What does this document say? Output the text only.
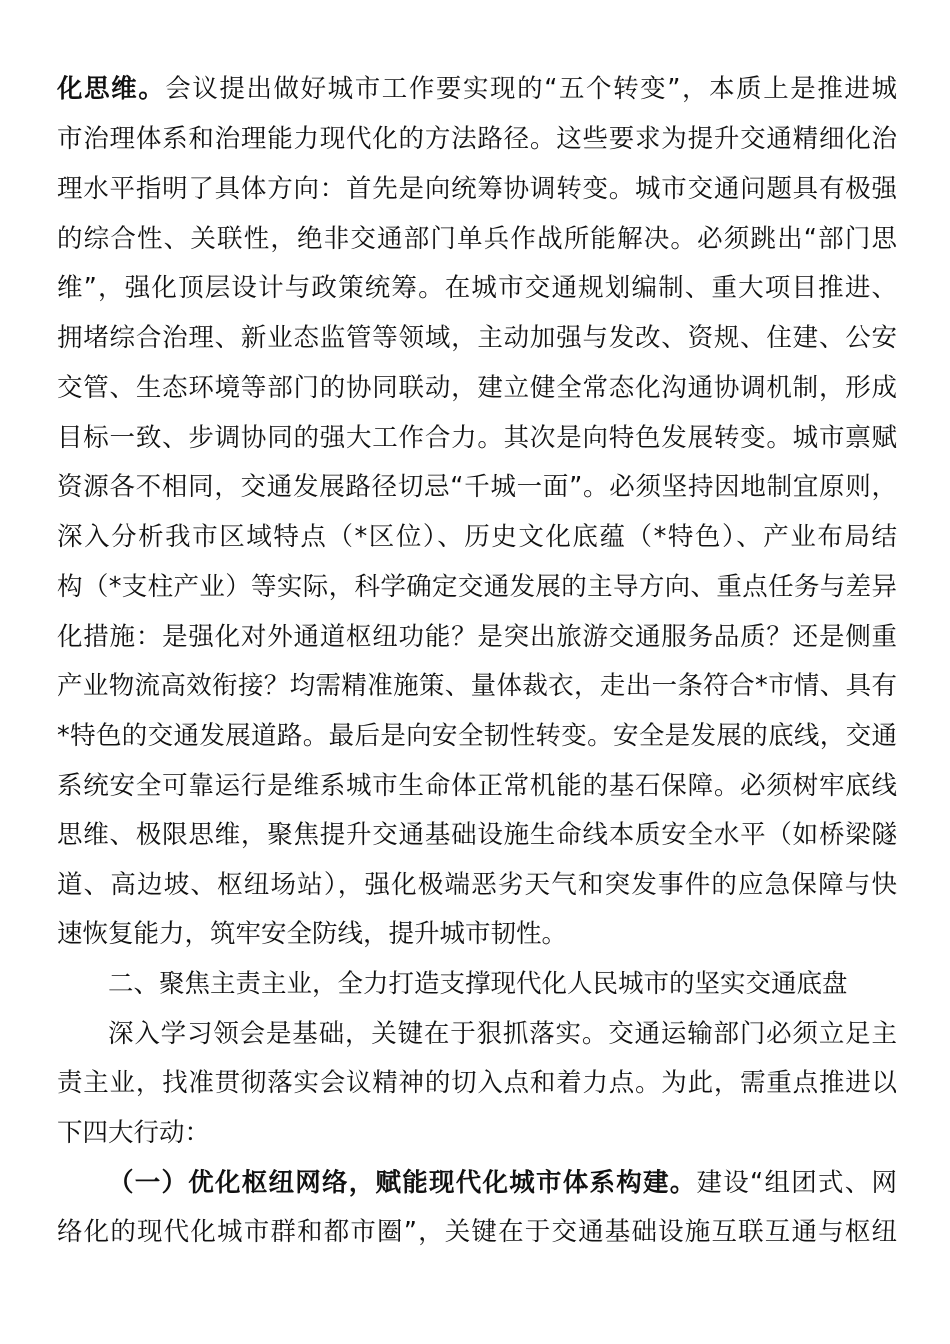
化思维。会议提出做好城市工作要实现的“五个转变”，本质上是推进城
市治理体系和治理能力现代化的方法路径。这些要求为提升交通精细化治
理水平指明了具体方向：首先是向统筹协调转变。城市交通问题具有极强
的综合性、关联性，绝非交通部门单兵作战所能解决。必须跳出“部门思
维”，强化顶层设计与政策统筹。在城市交通规划编制、重大项目推进、
拥堵综合治理、新业态监管等领域，主动加强与发改、资规、住建、公安
交管、生态环境等部门的协同联动，建立健全常态化沟通协调机制，形成
目标一致、步调协同的强大工作合力。其次是向特色发展转变。城市禀赋
资源各不相同，交通发展路径切忌“千城一面”。必须坚持因地制宜原则，
深入分析我市区域特点（*区位）、历史文化底蕴（*特色）、产业布局结
构（*支柱产业）等实际，科学确定交通发展的主导方向、重点任务与差异
化措施：是强化对外通道枢纽功能？是突出旅游交通服务品质？还是侧重
产业物流高效衔接？均需精准施策、量体裁衣，走出一条符合*市情、具有
*特色的交通发展道路。最后是向安全韧性转变。安全是发展的底线，交通
系统安全可靠运行是维系城市生命体正常机能的基石保障。必须树牢底线
思维、极限思维，聚焦提升交通基础设施生命线本质安全水平（如桥梁隧
道、高边坡、枢纽场站），强化极端恶劣天气和突发事件的应急保障与快
速恢复能力，筑牢安全防线，提升城市韧性。
二、聚焦主责主业，全力打造支撑现代化人民城市的坚实交通底盘
深入学习领会是基础，关键在于狠抓落实。交通运输部门必须立足主
责主业，找准贯彻落实会议精神的切入点和着力点。为此，需重点推进以
下四大行动：
（一）优化枢纽网络，赋能现代化城市体系构建。建设“组团式、网
络化的现代化城市群和都市圈”，关键在于交通基础设施互联互通与枢纽
